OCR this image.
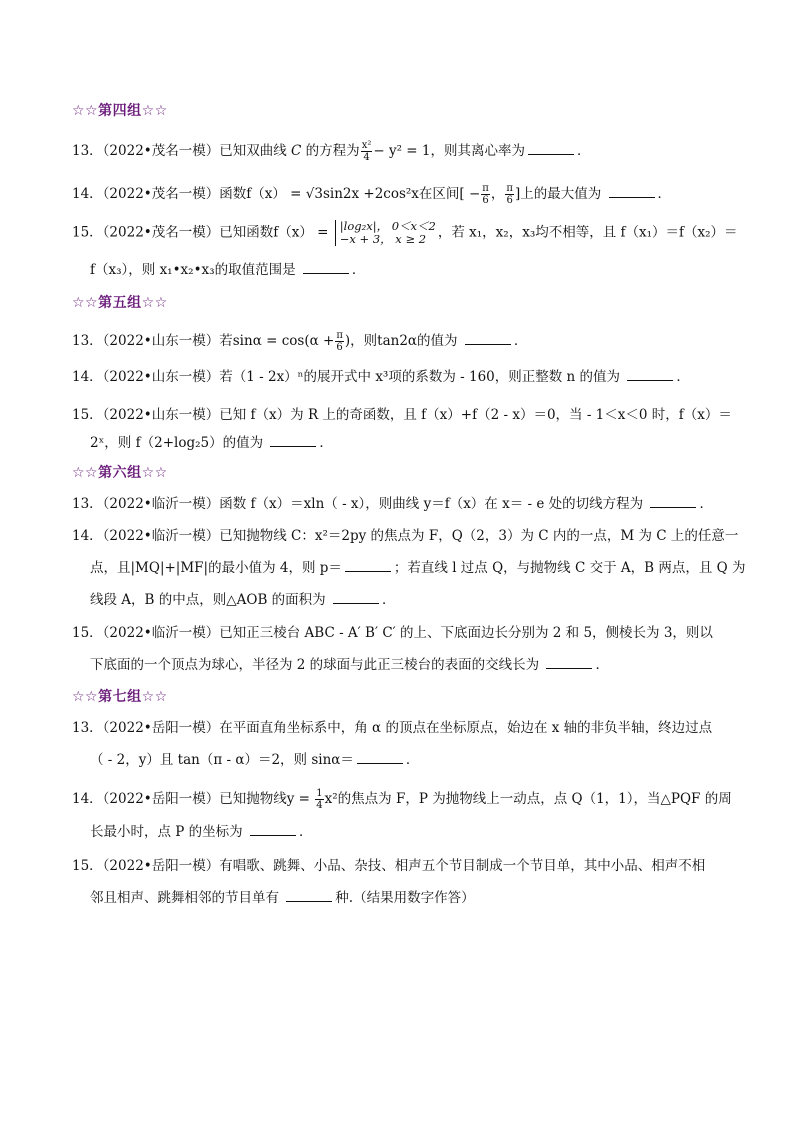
☆☆第四组☆☆
13．（2022•茂名一模）已知双曲线 C 的方程为 $\frac{\text{x²}}{4} - y^2 = 1$，则其离心率为	．
14．（2022•茂名一模）函数f（x） = √3sin2x +2cos²x在区间[ − $\frac{\pi}{6}$ ， $\frac{\pi}{6}$ ]上的最大值为	．
15．（2022•茂名一模）已知函数f（x） = |log₂x|， 0＜x＜2
−x + 3， x ≥ 2 ，若 x₁，x₂，x₃均不相等，且 f（x₁）＝f（x₂）＝
f（x₃），则 x₁•x₂•x₃的取值范围是	．
☆☆第五组☆☆
13．（2022•山东一模）若$\sin\alpha = \cos(\alpha + \frac{\pi}{6}$ )，则tan2α的值为	．
14．（2022•山东一模）若（1 - 2x）ⁿ的展开式中 x³项的系数为 - 160，则正整数 n 的值为	．
15．（2022•山东一模）已知 f（x）为 R 上的奇函数，且 f（x）+f（2 - x）＝0，当 - 1＜x＜0 时，f（x）＝
2ˣ，则 f（2+log₂5）的值为	．
☆☆第六组☆☆
13．（2022•临沂一模）函数 f（x）＝xln（ - x），则曲线 y＝f（x）在 x＝ - e 处的切线方程为	．
14．（2022•临沂一模）已知抛物线 C：x²＝2py 的焦点为 F，Q（2，3）为 C 内的一点，M 为 C 上的任意一
点，且|MQ|+|MF|的最小值为 4，则 p＝	；若直线 l 过点 Q，与抛物线 C 交于 A，B 两点，且 Q 为
线段 A，B 的中点，则△AOB 的面积为	．
15．（2022•临沂一模）已知正三棱台 ABC - A′ B′ C′ 的上、下底面边长分别为 2 和 5，侧棱长为 3，则以
下底面的一个顶点为球心，半径为 2 的球面与此正三棱台的表面的交线长为	．
☆☆第七组☆☆
13．（2022•岳阳一模）在平面直角坐标系中，角 α 的顶点在坐标原点，始边在 x 轴的非负半轴，终边过点
（ - 2，y）且 tan（π - α）＝2，则 sinα＝	．
14．（2022•岳阳一模）已知抛物线$y = \frac{1}{4} x^2$的焦点为 F，P 为抛物线上一动点，点 Q（1，1），当△PQF 的周
长最小时，点 P 的坐标为	．
15．（2022•岳阳一模）有唱歌、跳舞、小品、杂技、相声五个节目制成一个节目单，其中小品、相声不相
邻且相声、跳舞相邻的节目单有	种.（结果用数字作答）
